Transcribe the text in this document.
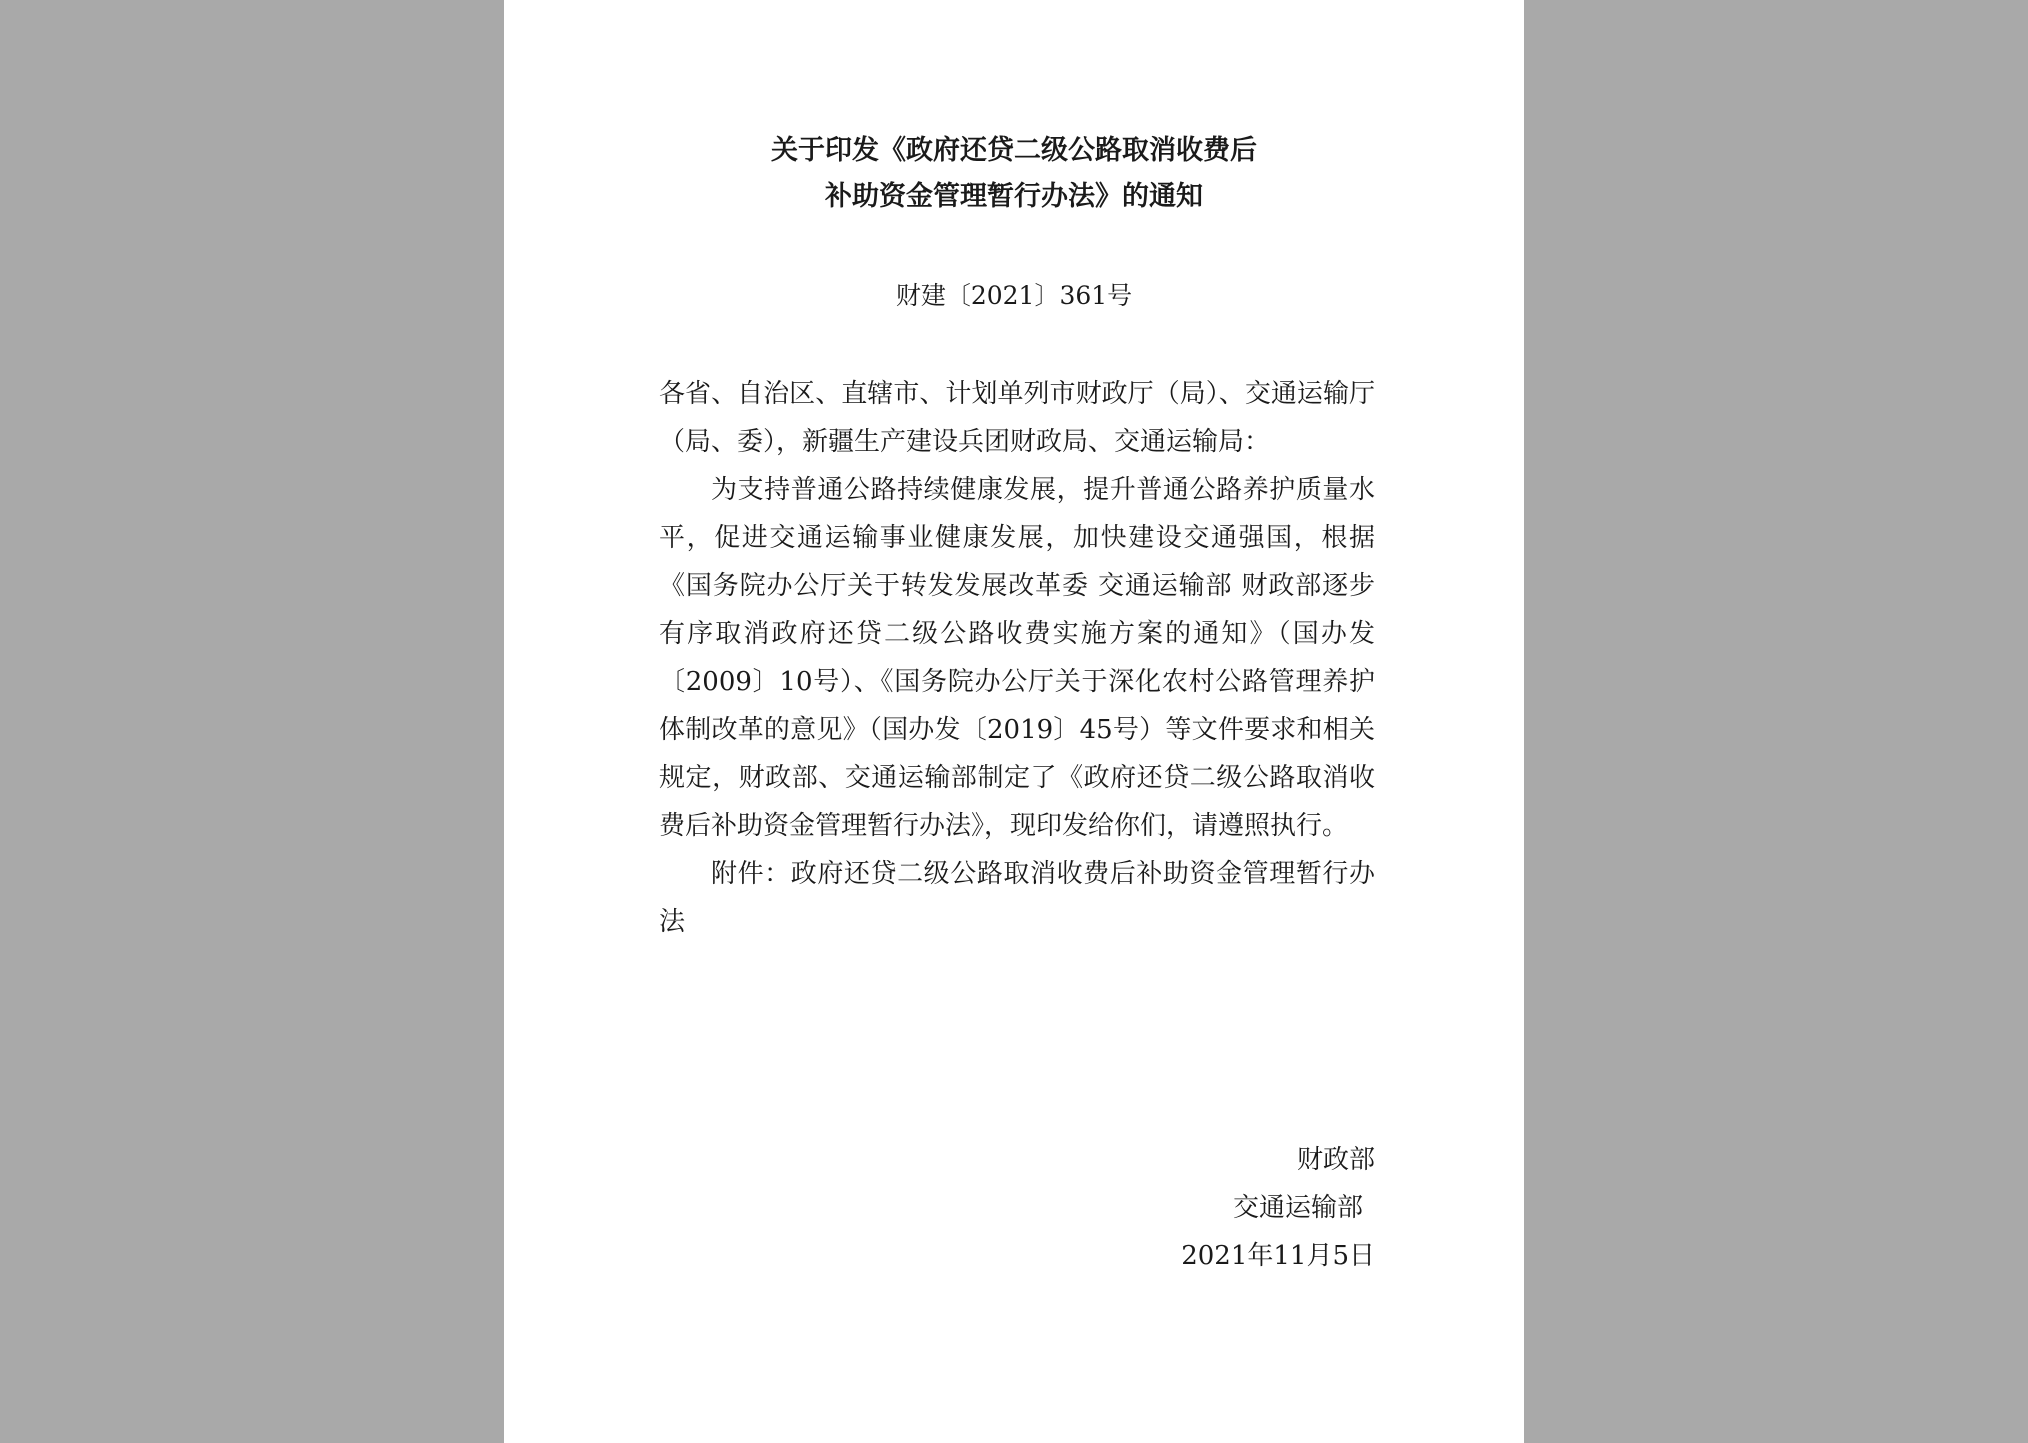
关于印发《政府还贷二级公路取消收费后
补助资金管理暂行办法》的通知
财建〔2021〕361号

各省、自治区、直辖市、计划单列市财政厅（局）、交通运输厅（局、委），新疆生产建设兵团财政局、交通运输局：

为支持普通公路持续健康发展，提升普通公路养护质量水平，促进交通运输事业健康发展，加快建设交通强国，根据《国务院办公厅关于转发发展改革委 交通运输部 财政部逐步有序取消政府还贷二级公路收费实施方案的通知》（国办发〔2009〕10号）、《国务院办公厅关于深化农村公路管理养护体制改革的意见》（国办发〔2019〕45号）等文件要求和相关规定，财政部、交通运输部制定了《政府还贷二级公路取消收费后补助资金管理暂行办法》，现印发给你们，请遵照执行。

附件：政府还贷二级公路取消收费后补助资金管理暂行办法

财政部
交通运输部
2021年11月5日
